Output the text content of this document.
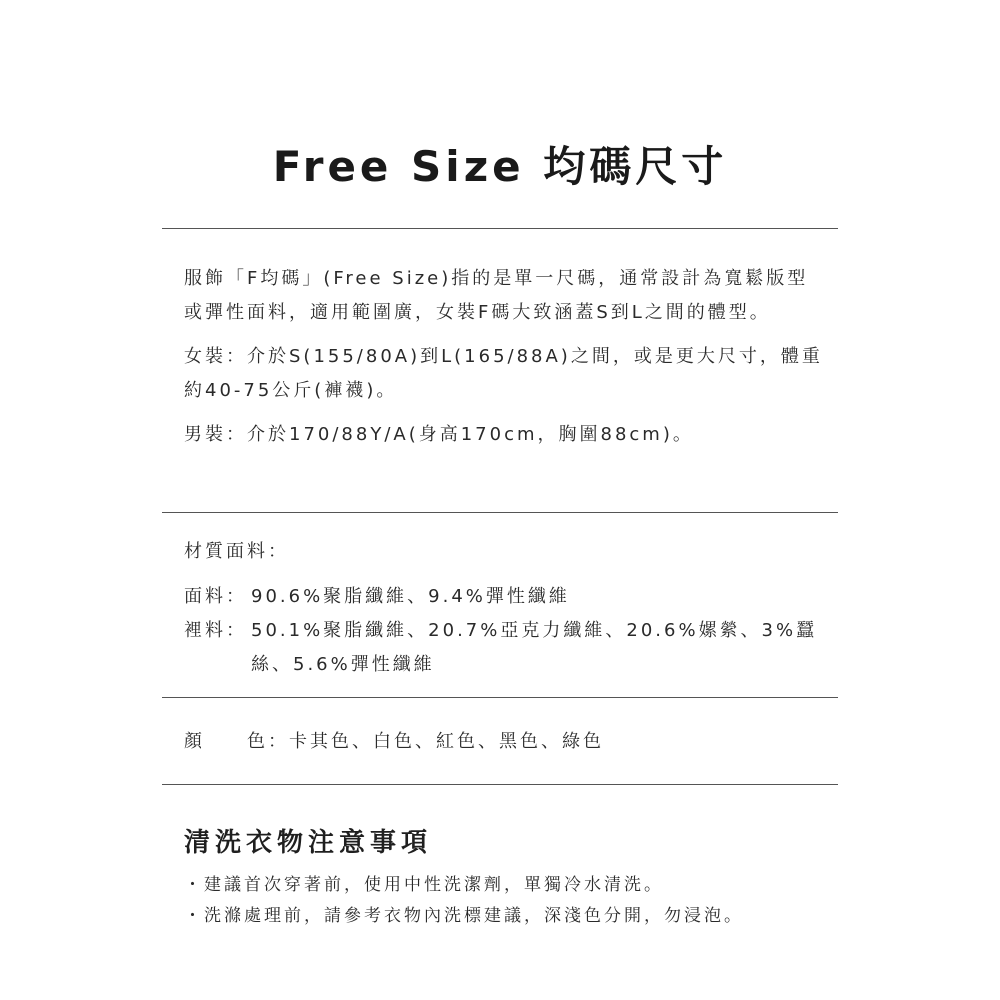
Free Size 均碼尺寸

服飾「F均碼」(Free Size)指的是單一尺碼，通常設計為寬鬆版型或彈性面料，適用範圍廣，女裝F碼大致涵蓋S到L之間的體型。

女裝：介於S(155/80A)到L(165/88A)之間，或是更大尺寸，體重約40-75公斤(褲襪)。

男裝：介於170/88Y/A(身高170cm，胸圍88cm)。

材質面料：
面料： 90.6%聚脂纖維、9.4%彈性纖維
裡料： 50.1%聚脂纖維、20.7%亞克力纖維、20.6%嫘縈、3%蠶絲、5.6%彈性纖維
顏　　色：卡其色、白色、紅色、黑色、綠色
清洗衣物注意事項
・ 建議首次穿著前，使用中性洗潔劑，單獨冷水清洗。
・ 洗滌處理前，請參考衣物內洗標建議，深淺色分開，勿浸泡。
